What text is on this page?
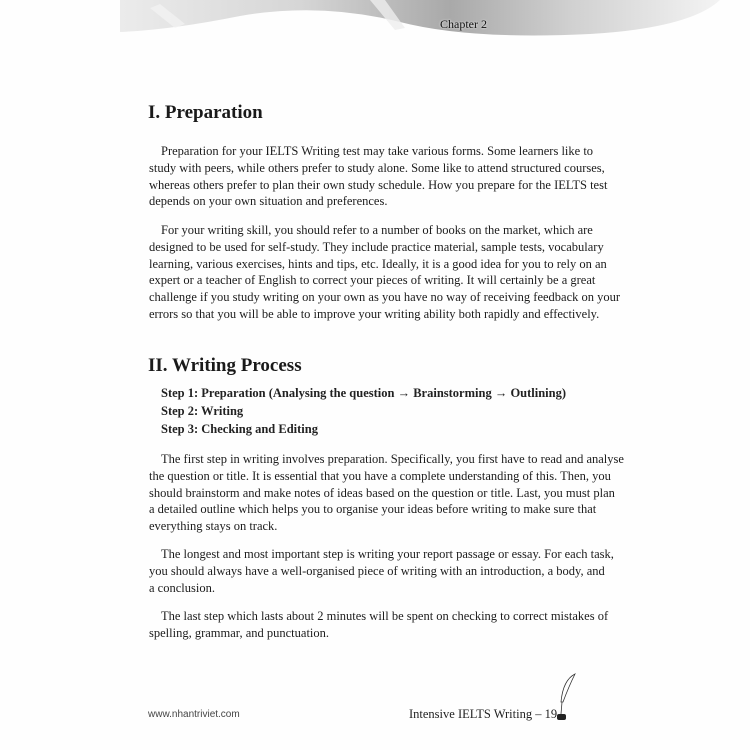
Chapter 2
I. Preparation
Preparation for your IELTS Writing test may take various forms. Some learners like to
study with peers, while others prefer to study alone. Some like to attend structured courses,
whereas others prefer to plan their own study schedule. How you prepare for the IELTS test
depends on your own situation and preferences.
For your writing skill, you should refer to a number of books on the market, which are
designed to be used for self-study. They include practice material, sample tests, vocabulary
learning, various exercises, hints and tips, etc. Ideally, it is a good idea for you to rely on an
expert or a teacher of English to correct your pieces of writing. It will certainly be a great
challenge if you study writing on your own as you have no way of receiving feedback on your
errors so that you will be able to improve your writing ability both rapidly and effectively.
II. Writing Process
Step 1: Preparation (Analysing the question → Brainstorming → Outlining)
Step 2: Writing
Step 3: Checking and Editing
The first step in writing involves preparation. Specifically, you first have to read and analyse
the question or title. It is essential that you have a complete understanding of this. Then, you
should brainstorm and make notes of ideas based on the question or title. Last, you must plan
a detailed outline which helps you to organise your ideas before writing to make sure that
everything stays on track.
The longest and most important step is writing your report passage or essay. For each task,
you should always have a well-organised piece of writing with an introduction, a body, and
a conclusion.
The last step which lasts about 2 minutes will be spent on checking to correct mistakes of
spelling, grammar, and punctuation.
www.nhantriviet.com	Intensive IELTS Writing – 19
